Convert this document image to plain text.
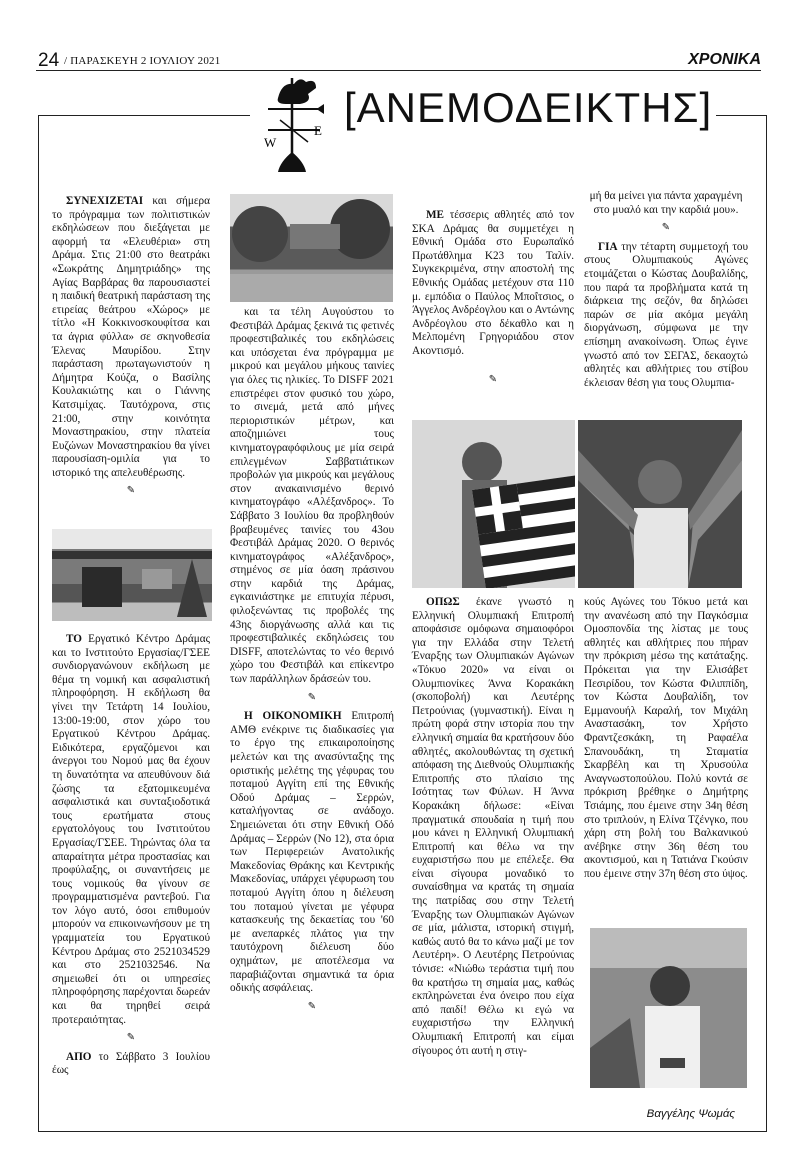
24 / ΠΑΡΑΣΚΕΥΗ 2 ΙΟΥΛΙΟΥ 2021	ΧΡΟΝΙΚΑ
W
E [ΑΝΕΜΟΔΕΙΚΤΗΣ]

ΣΥΝΕΧΙΖΕΤΑΙ και σήμερα το πρόγραμμα των πολιτιστικών εκδηλώσεων που διεξάγεται με αφορμή τα «Ελευθέρια» στη Δράμα. Στις 21:00 στο θεατράκι «Σωκράτης Δημητριάδης» της Αγίας Βαρβάρας θα παρουσιαστεί η παιδική θεατρική παράσταση της ετιρείας θεάτρου «Χώρος» με τίτλο «Η Κοκκινοσκουφίτσα και τα άγρια φύλλα» σε σκηνοθεσία Έλενας Μαυρίδου. Στην παράσταση πρωταγωνιστούν η Δήμητρα Κούζα, ο Βασίλης Κουλακιώτης και ο Γιάννης Κατσιμίχας. Ταυτόχρονα, στις 21:00, στην κοινότητα Μοναστηρακίου, στην πλατεία Ευζώνων Μοναστηρακίου θα γίνει παρουσίαση-ομιλία για το ιστορικό της απελευθέρωσης.

✎

ΤΟ Εργατικό Κέντρο Δράμας και το Ινστιτούτο Εργασίας/ΓΣΕΕ συνδιοργανώνουν εκδήλωση με θέμα τη νομική και ασφαλιστική πληροφόρηση. Η εκδήλωση θα γίνει την Τετάρτη 14 Ιουλίου, 13:00-19:00, στον χώρο του Εργατικού Κέντρου Δράμας. Ειδικότερα, εργαζόμενοι και άνεργοι του Νομού μας θα έχουν τη δυνατότητα να απευθύνουν διά ζώσης τα εξατομικευμένα ασφαλιστικά και συνταξιοδοτικά τους ερωτήματα στους εργατολόγους του Ινστιτούτου Εργασίας/ΓΣΕΕ. Τηρώντας όλα τα απαραίτητα μέτρα προστασίας και προφύλαξης, οι συναντήσεις με τους νομικούς θα γίνουν σε προγραμματισμένα ραντεβού. Για τον λόγο αυτό, όσοι επιθυμούν μπορούν να επικοινωνήσουν με τη γραμματεία του Εργατικού Κέντρου Δράμας στο 2521034529 και στο 2521032546. Να σημειωθεί ότι οι υπηρεσίες πληροφόρησης παρέχονται δωρεάν και θα τηρηθεί σειρά προτεραιότητας.

✎

ΑΠΟ το Σάββατο 3 Ιουλίου έως

και τα τέλη Αυγούστου το Φεστιβάλ Δράμας ξεκινά τις φετινές προφεστιβαλικές του εκδηλώσεις και υπόσχεται ένα πρόγραμμα με μικρού και μεγάλου μήκους ταινίες για όλες τις ηλικίες. Το DISFF 2021 επιστρέφει στον φυσικό του χώρο, το σινεμά, μετά από μήνες περιοριστικών μέτρων, και αποζημιώνει τους κινηματογραφόφιλους με μία σειρά επιλεγμένων Σαββατιάτικων προβολών για μικρούς και μεγάλους στον ανακαινισμένο θερινό κινηματογράφο «Αλέξανδρος». Το Σάββατο 3 Ιουλίου θα προβληθούν βραβευμένες ταινίες του 43ου Φεστιβάλ Δράμας 2020. Ο θερινός κινηματογράφος «Αλέξανδρος», στημένος σε μία όαση πράσινου στην καρδιά της Δράμας, εγκαινιάστηκε με επιτυχία πέρυσι, φιλοξενώντας τις προβολές της 43ης διοργάνωσης αλλά και τις προφεστιβαλικές εκδηλώσεις του DISFF, αποτελώντας το νέο θερινό χώρο του Φεστιβάλ και επίκεντρο των παράλληλων δράσεών του.

✎

Η ΟΙΚΟΝΟΜΙΚΗ Επιτροπή ΑΜΘ ενέκρινε τις διαδικασίες για το έργο της επικαιροποίησης μελετών και της ανασύνταξης της οριστικής μελέτης της γέφυρας του ποταμού Αγγίτη επί της Εθνικής Οδού Δράμας – Σερρών, καταλήγοντας σε ανάδοχο. Σημειώνεται ότι στην Εθνική Οδό Δράμας – Σερρών (Νο 12), στα όρια των Περιφερειών Ανατολικής Μακεδονίας Θράκης και Κεντρικής Μακεδονίας, υπάρχει γέφυρωση του ποταμού Αγγίτη όπου η διέλευση του ποταμού γίνεται με γέφυρα κατασκευής της δεκαετίας του '60 με ανεπαρκές πλάτος για την ταυτόχρονη διέλευση δύο οχημάτων, με αποτέλεσμα να παραβιάζονται σημαντικά τα όρια οδικής ασφάλειας.

✎

ΜΕ τέσσερις αθλητές από τον ΣΚΑ Δράμας θα συμμετέχει η Εθνική Ομάδα στο Ευρωπαϊκό Πρωτάθλημα Κ23 του Ταλίν. Συγκεκριμένα, στην αποστολή της Εθνικής Ομάδας μετέχουν στα 110 μ. εμπόδια ο Παύλος Μποΐτσιος, ο Άγγελος Ανδρέογλου και ο Αντώνης Ανδρέογλου στο δέκαθλο και η Μελπομένη Γρηγοριάδου στον Ακοντισμό.

✎

μή θα μείνει για πάντα χαραγμένη στο μυαλό και την καρδιά μου».

✎

ΓΙΑ την τέταρτη συμμετοχή του στους Ολυμπιακούς Αγώνες ετοιμάζεται ο Κώστας Δουβαλίδης, που παρά τα προβλήματα κατά τη διάρκεια της σεζόν, θα δηλώσει παρών σε μία ακόμα μεγάλη διοργάνωση, σύμφωνα με την επίσημη ανακοίνωση. Όπως έγινε γνωστό από τον ΣΕΓΑΣ, δεκαοχτώ αθλητές και αθλήτριες του στίβου έκλεισαν θέση για τους Ολυμπια-

ΟΠΩΣ έκανε γνωστό η Ελληνική Ολυμπιακή Επιτροπή αποφάσισε ομόφωνα σημαιοφόροι για την Ελλάδα στην Τελετή Έναρξης των Ολυμπιακών Αγώνων «Τόκυο 2020» να είναι οι Ολυμπιονίκες Άννα Κορακάκη (σκοποβολή) και Λευτέρης Πετρούνιας (γυμναστική). Είναι η πρώτη φορά στην ιστορία που την ελληνική σημαία θα κρατήσουν δύο αθλητές, ακολουθώντας τη σχετική απόφαση της Διεθνούς Ολυμπιακής Επιτροπής στο πλαίσιο της Ισότητας των Φύλων. Η Άννα Κορακάκη δήλωσε: «Είναι πραγματικά σπουδαία η τιμή που μου κάνει η Ελληνική Ολυμπιακή Επιτροπή και θέλω να την ευχαριστήσω που με επέλεξε. Θα είναι σίγουρα μοναδικό το συναίσθημα να κρατάς τη σημαία της πατρίδας σου στην Τελετή Έναρξης των Ολυμπιακών Αγώνων σε μία, μάλιστα, ιστορική στιγμή, καθώς αυτό θα το κάνω μαζί με τον Λευτέρη». Ο Λευτέρης Πετρούνιας τόνισε: «Νιώθω τεράστια τιμή που θα κρατήσω τη σημαία μας, καθώς εκπληρώνεται ένα όνειρο που είχα από παιδί! Θέλω κι εγώ να ευχαριστήσω την Ελληνική Ολυμπιακή Επιτροπή και είμαι σίγουρος ότι αυτή η στιγ-

κούς Αγώνες του Τόκυο μετά και την ανανέωση από την Παγκόσμια Ομοσπονδία της λίστας με τους αθλητές και αθλήτριες που πήραν την πρόκριση μέσω της κατάταξης. Πρόκειται για την Ελισάβετ Πεσιρίδου, τον Κώστα Φιλιππίδη, τον Κώστα Δουβαλίδη, τον Εμμανουήλ Καραλή, τον Μιχάλη Αναστασάκη, τον Χρήστο Φραντζεσκάκη, τη Ραφαέλα Σπανουδάκη, τη Σταματία Σκαρβέλη και τη Χρυσούλα Αναγνωστοπούλου. Πολύ κοντά σε πρόκριση βρέθηκε ο Δημήτρης Τσιάμης, που έμεινε στην 34η θέση στο τριπλούν, η Ελίνα Τζένγκο, που χάρη στη βολή του Βαλκανικού ανέβηκε στην 36η θέση του ακοντισμού, και η Τατιάνα Γκούσιν που έμεινε στην 37η θέση στο ύψος.

Βαγγέλης Ψωμάς
